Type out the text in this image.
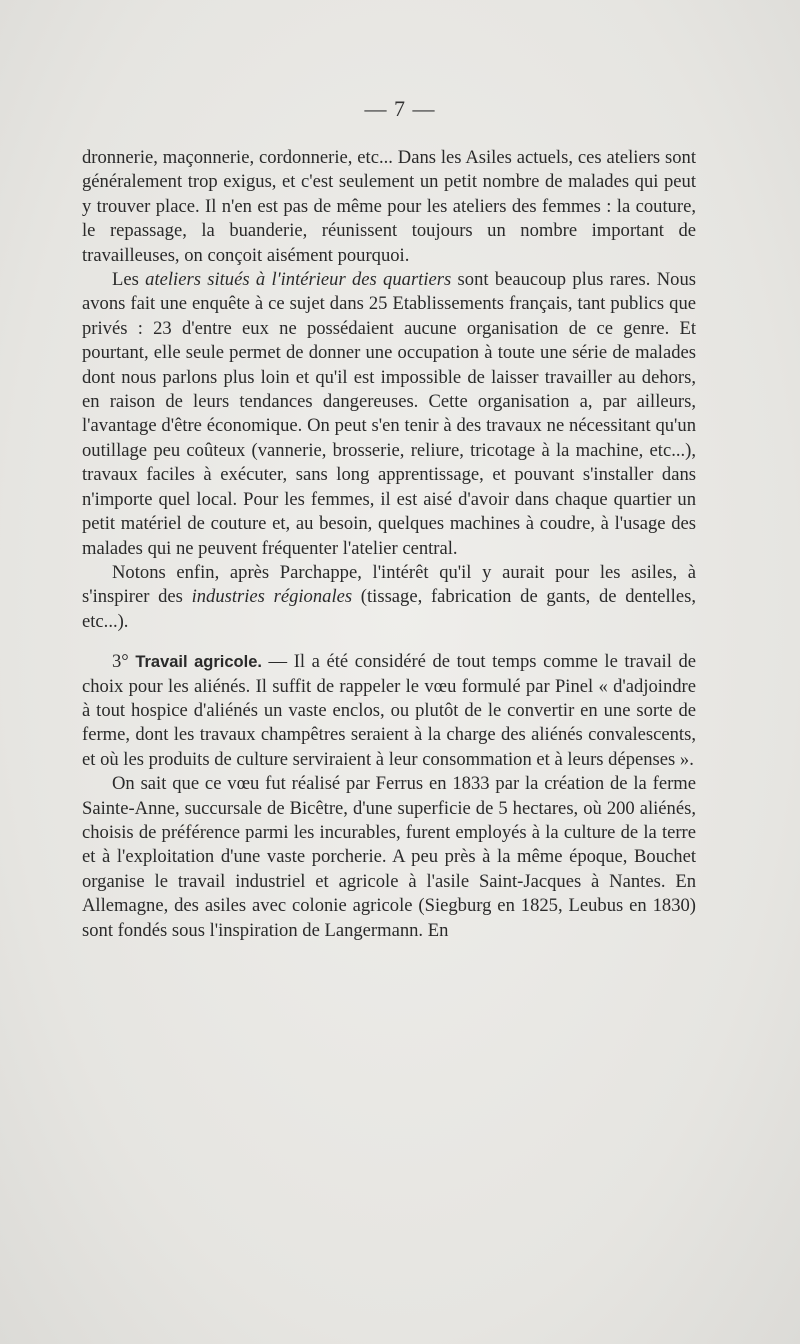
— 7 —

dronnerie, maçonnerie, cordonnerie, etc... Dans les Asiles actuels, ces ateliers sont généralement trop exigus, et c'est seulement un petit nombre de malades qui peut y trouver place. Il n'en est pas de même pour les ateliers des femmes : la couture, le repassage, la buanderie, réunissent toujours un nombre important de travailleuses, on conçoit aisément pourquoi.

Les ateliers situés à l'intérieur des quartiers sont beaucoup plus rares. Nous avons fait une enquête à ce sujet dans 25 Etablissements français, tant publics que privés : 23 d'entre eux ne possédaient aucune organisation de ce genre. Et pourtant, elle seule permet de donner une occupation à toute une série de malades dont nous parlons plus loin et qu'il est impossible de laisser travailler au dehors, en raison de leurs tendances dangereuses. Cette organisation a, par ailleurs, l'avantage d'être économique. On peut s'en tenir à des travaux ne nécessitant qu'un outillage peu coûteux (vannerie, brosserie, reliure, tricotage à la machine, etc...), travaux faciles à exécuter, sans long apprentissage, et pouvant s'installer dans n'importe quel local. Pour les femmes, il est aisé d'avoir dans chaque quartier un petit matériel de couture et, au besoin, quelques machines à coudre, à l'usage des malades qui ne peuvent fréquenter l'atelier central.

Notons enfin, après Parchappe, l'intérêt qu'il y aurait pour les asiles, à s'inspirer des industries régionales (tissage, fabrication de gants, de dentelles, etc...).

3° Travail agricole. — Il a été considéré de tout temps comme le travail de choix pour les aliénés. Il suffit de rappeler le vœu formulé par Pinel « d'adjoindre à tout hospice d'aliénés un vaste enclos, ou plutôt de le convertir en une sorte de ferme, dont les travaux champêtres seraient à la charge des aliénés convalescents, et où les produits de culture serviraient à leur consommation et à leurs dépenses ».

On sait que ce vœu fut réalisé par Ferrus en 1833 par la création de la ferme Sainte-Anne, succursale de Bicêtre, d'une superficie de 5 hectares, où 200 aliénés, choisis de préférence parmi les incurables, furent employés à la culture de la terre et à l'exploitation d'une vaste porcherie. A peu près à la même époque, Bouchet organise le travail industriel et agricole à l'asile Saint-Jacques à Nantes. En Allemagne, des asiles avec colonie agricole (Siegburg en 1825, Leubus en 1830) sont fondés sous l'inspiration de Langermann. En
